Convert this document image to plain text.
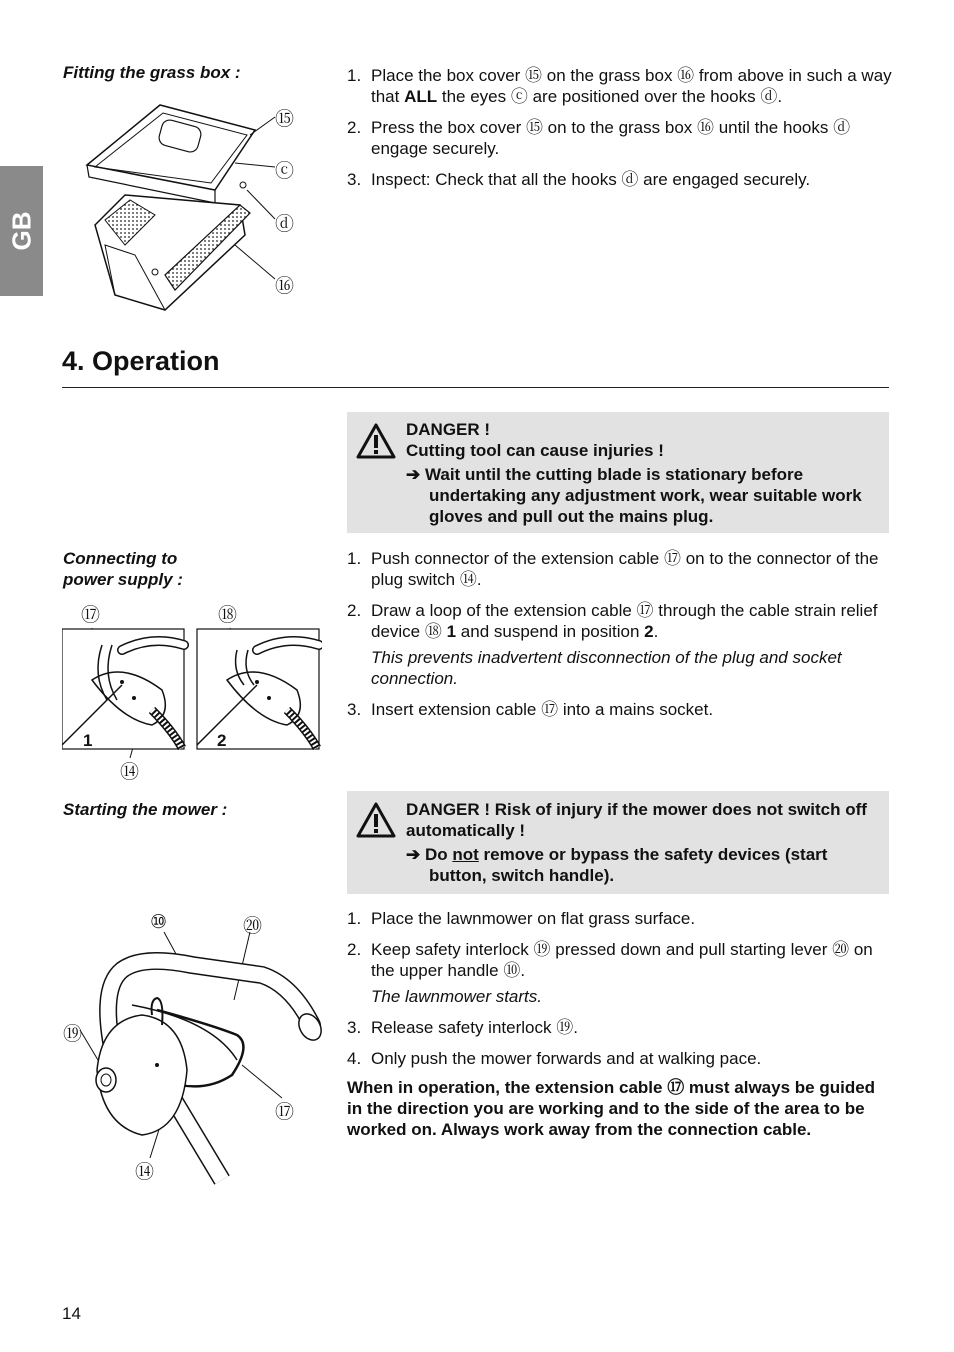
GB
Fitting the grass box :
⑮
ⓒ
ⓓ
⑯
1. Place the box cover ⑮ on the grass box ⑯ from above in such a way that ALL the eyes ⓒ are positioned over the hooks ⓓ.
2. Press the box cover ⑮ on to the grass box ⑯ until the hooks ⓓ engage securely.
3. Inspect: Check that all the hooks ⓓ are engaged securely.
4. Operation
DANGER !
Cutting tool can cause injuries !
➔ Wait until the cutting blade is stationary before undertaking any adjustment work, wear suitable work gloves and pull out the mains plug.
Connecting to
power supply :
⑰	⑱
⑭
1	2
1. Push connector of the extension cable ⑰ on to the connector of the plug switch ⑭.
2. Draw a loop of the extension cable ⑰ through the cable strain relief device ⑱ 1 and suspend in position 2.
This prevents inadvertent disconnection of the plug and socket connection.
3. Insert extension cable ⑰ into a mains socket.
Starting the mower :	DANGER ! Risk of injury if the mower does not switch off automatically !
➔ Do not remove or bypass the safety devices (start button, switch handle).
⑩	⑳
⑲
⑰
⑭
1. Place the lawnmower on flat grass surface.
2. Keep safety interlock ⑲ pressed down and pull starting lever ⑳ on the upper handle ⑩.
The lawnmower starts.
3. Release safety interlock ⑲.
4. Only push the mower forwards and at walking pace.
When in operation, the extension cable ⑰ must always be guided in the direction you are working and to the side of the area to be worked on. Always work away from the connection cable.
14
